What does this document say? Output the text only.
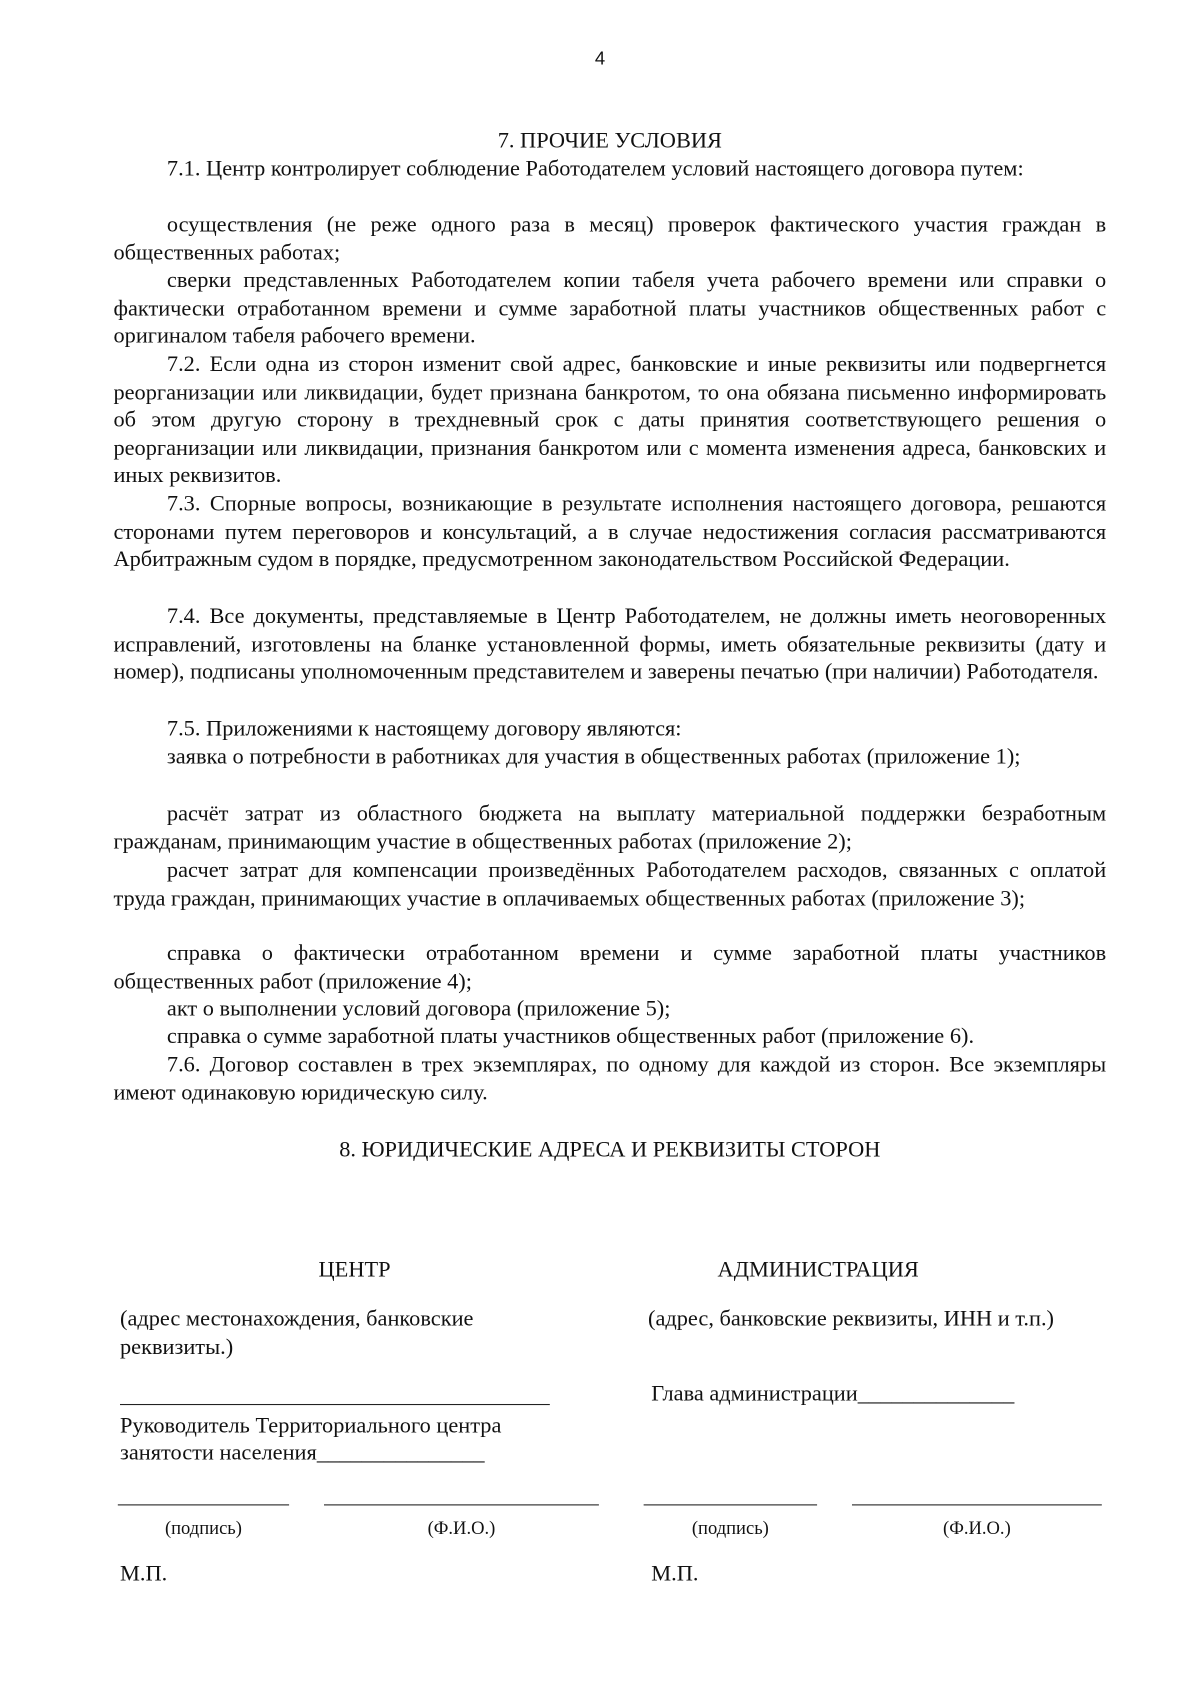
4
7. ПРОЧИЕ УСЛОВИЯ
7.1. Центр контролирует соблюдение Работодателем условий настоящего договора путем:
осуществления (не реже одного раза в месяц) проверок фактического участия граждан в общественных работах;
сверки представленных Работодателем копии табеля учета рабочего времени или справки о фактически отработанном времени и сумме заработной платы участников общественных работ с оригиналом табеля рабочего времени.
7.2. Если одна из сторон изменит свой адрес, банковские и иные реквизиты или подвергнется реорганизации или ликвидации, будет признана банкротом, то она обязана письменно информировать об этом другую сторону в трехдневный срок с даты принятия соответствующего решения о реорганизации или ликвидации, признания банкротом или с момента изменения адреса, банковских и иных реквизитов.
7.3. Спорные вопросы, возникающие в результате исполнения настоящего договора, решаются сторонами путем переговоров и консультаций, а в случае недостижения согласия рассматриваются Арбитражным судом в порядке, предусмотренном законодательством Российской Федерации.
7.4. Все документы, представляемые в Центр Работодателем, не должны иметь неоговоренных исправлений, изготовлены на бланке установленной формы, иметь обязательные реквизиты (дату и номер), подписаны уполномоченным представителем и заверены печатью (при наличии) Работодателя.
7.5. Приложениями к настоящему договору являются:
заявка о потребности в работниках для участия в общественных работах (приложение 1);
расчёт затрат из областного бюджета на выплату материальной поддержки безработным гражданам, принимающим участие в общественных работах (приложение 2);
расчет затрат для компенсации произведённых Работодателем расходов, связанных с оплатой труда граждан, принимающих участие в оплачиваемых общественных работах (приложение 3);
справка о фактически отработанном времени и сумме заработной платы участников общественных работ (приложение 4);
акт о выполнении условий договора (приложение 5);
справка о сумме заработной платы участников общественных работ (приложение 6).
7.6. Договор составлен в трех экземплярах, по одному для каждой из сторон. Все экземпляры имеют одинаковую юридическую силу.
8. ЮРИДИЧЕСКИЕ АДРЕСА И РЕКВИЗИТЫ СТОРОН
ЦЕНТР
(адрес местонахождения, банковские реквизиты.)
Руководитель Территориального центра
занятости населения_______________
(подпись)	(Ф.И.О.)
М.П.
АДМИНИСТРАЦИЯ
(адрес, банковские реквизиты, ИНН и т.п.)
Глава администрации______________
(подпись)	(Ф.И.О.)
М.П.
